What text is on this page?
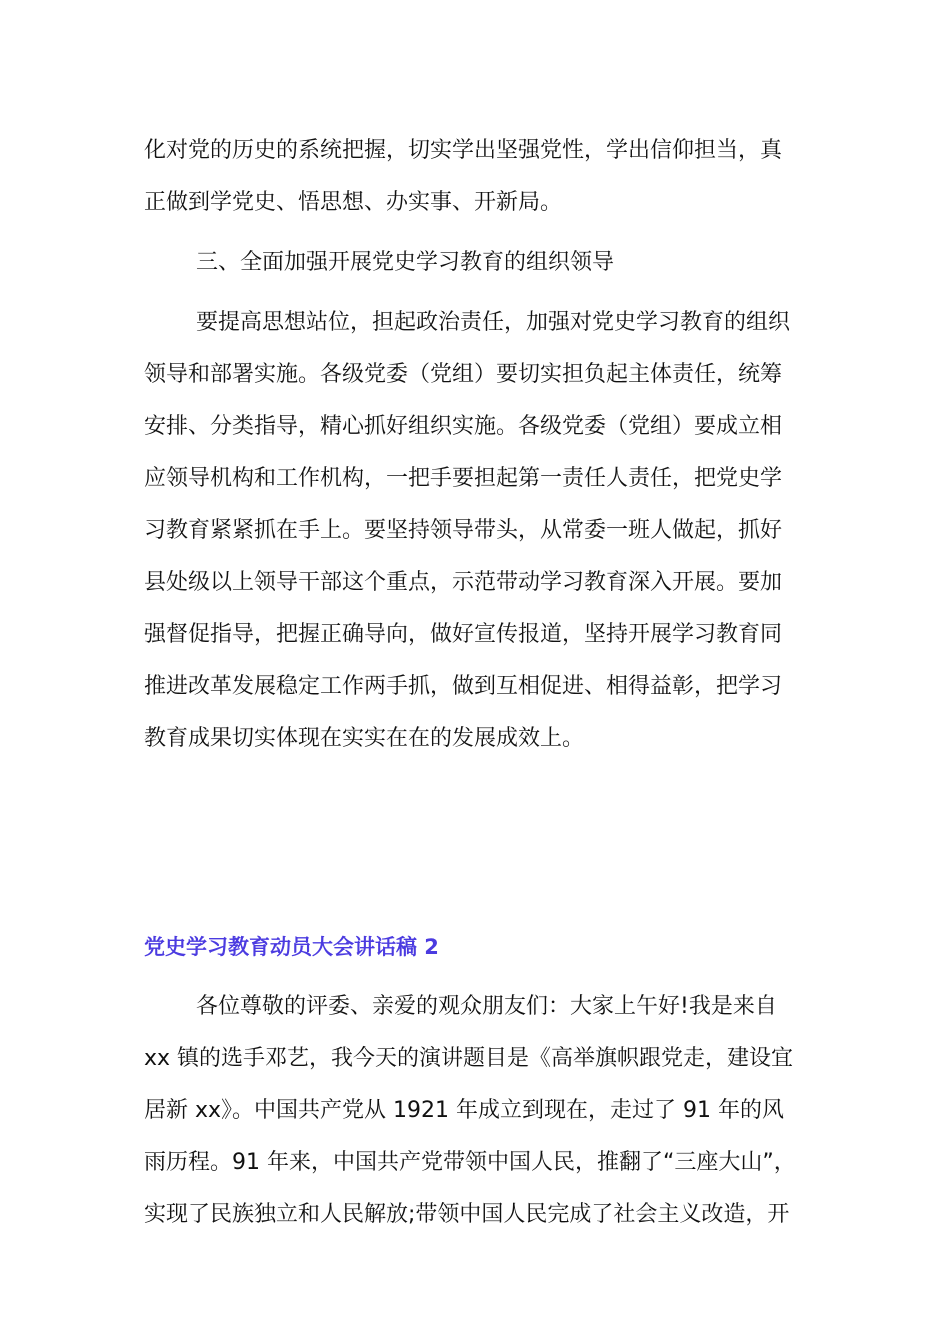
化对党的历史的系统把握，切实学出坚强党性，学出信仰担当，真
正做到学党史、悟思想、办实事、开新局。
三、全面加强开展党史学习教育的组织领导
要提高思想站位，担起政治责任，加强对党史学习教育的组织
领导和部署实施。各级党委（党组）要切实担负起主体责任，统筹
安排、分类指导，精心抓好组织实施。各级党委（党组）要成立相
应领导机构和工作机构，一把手要担起第一责任人责任，把党史学
习教育紧紧抓在手上。要坚持领导带头，从常委一班人做起，抓好
县处级以上领导干部这个重点，示范带动学习教育深入开展。要加
强督促指导，把握正确导向，做好宣传报道，坚持开展学习教育同
推进改革发展稳定工作两手抓，做到互相促进、相得益彰，把学习
教育成果切实体现在实实在在的发展成效上。
党史学习教育动员大会讲话稿 2
各位尊敬的评委、亲爱的观众朋友们：大家上午好!我是来自
xx 镇的选手邓艺，我今天的演讲题目是《高举旗帜跟党走，建设宜
居新 xx》。中国共产党从 1921 年成立到现在，走过了 91 年的风
雨历程。91 年来，中国共产党带领中国人民，推翻了“三座大山”，
实现了民族独立和人民解放;带领中国人民完成了社会主义改造，开
